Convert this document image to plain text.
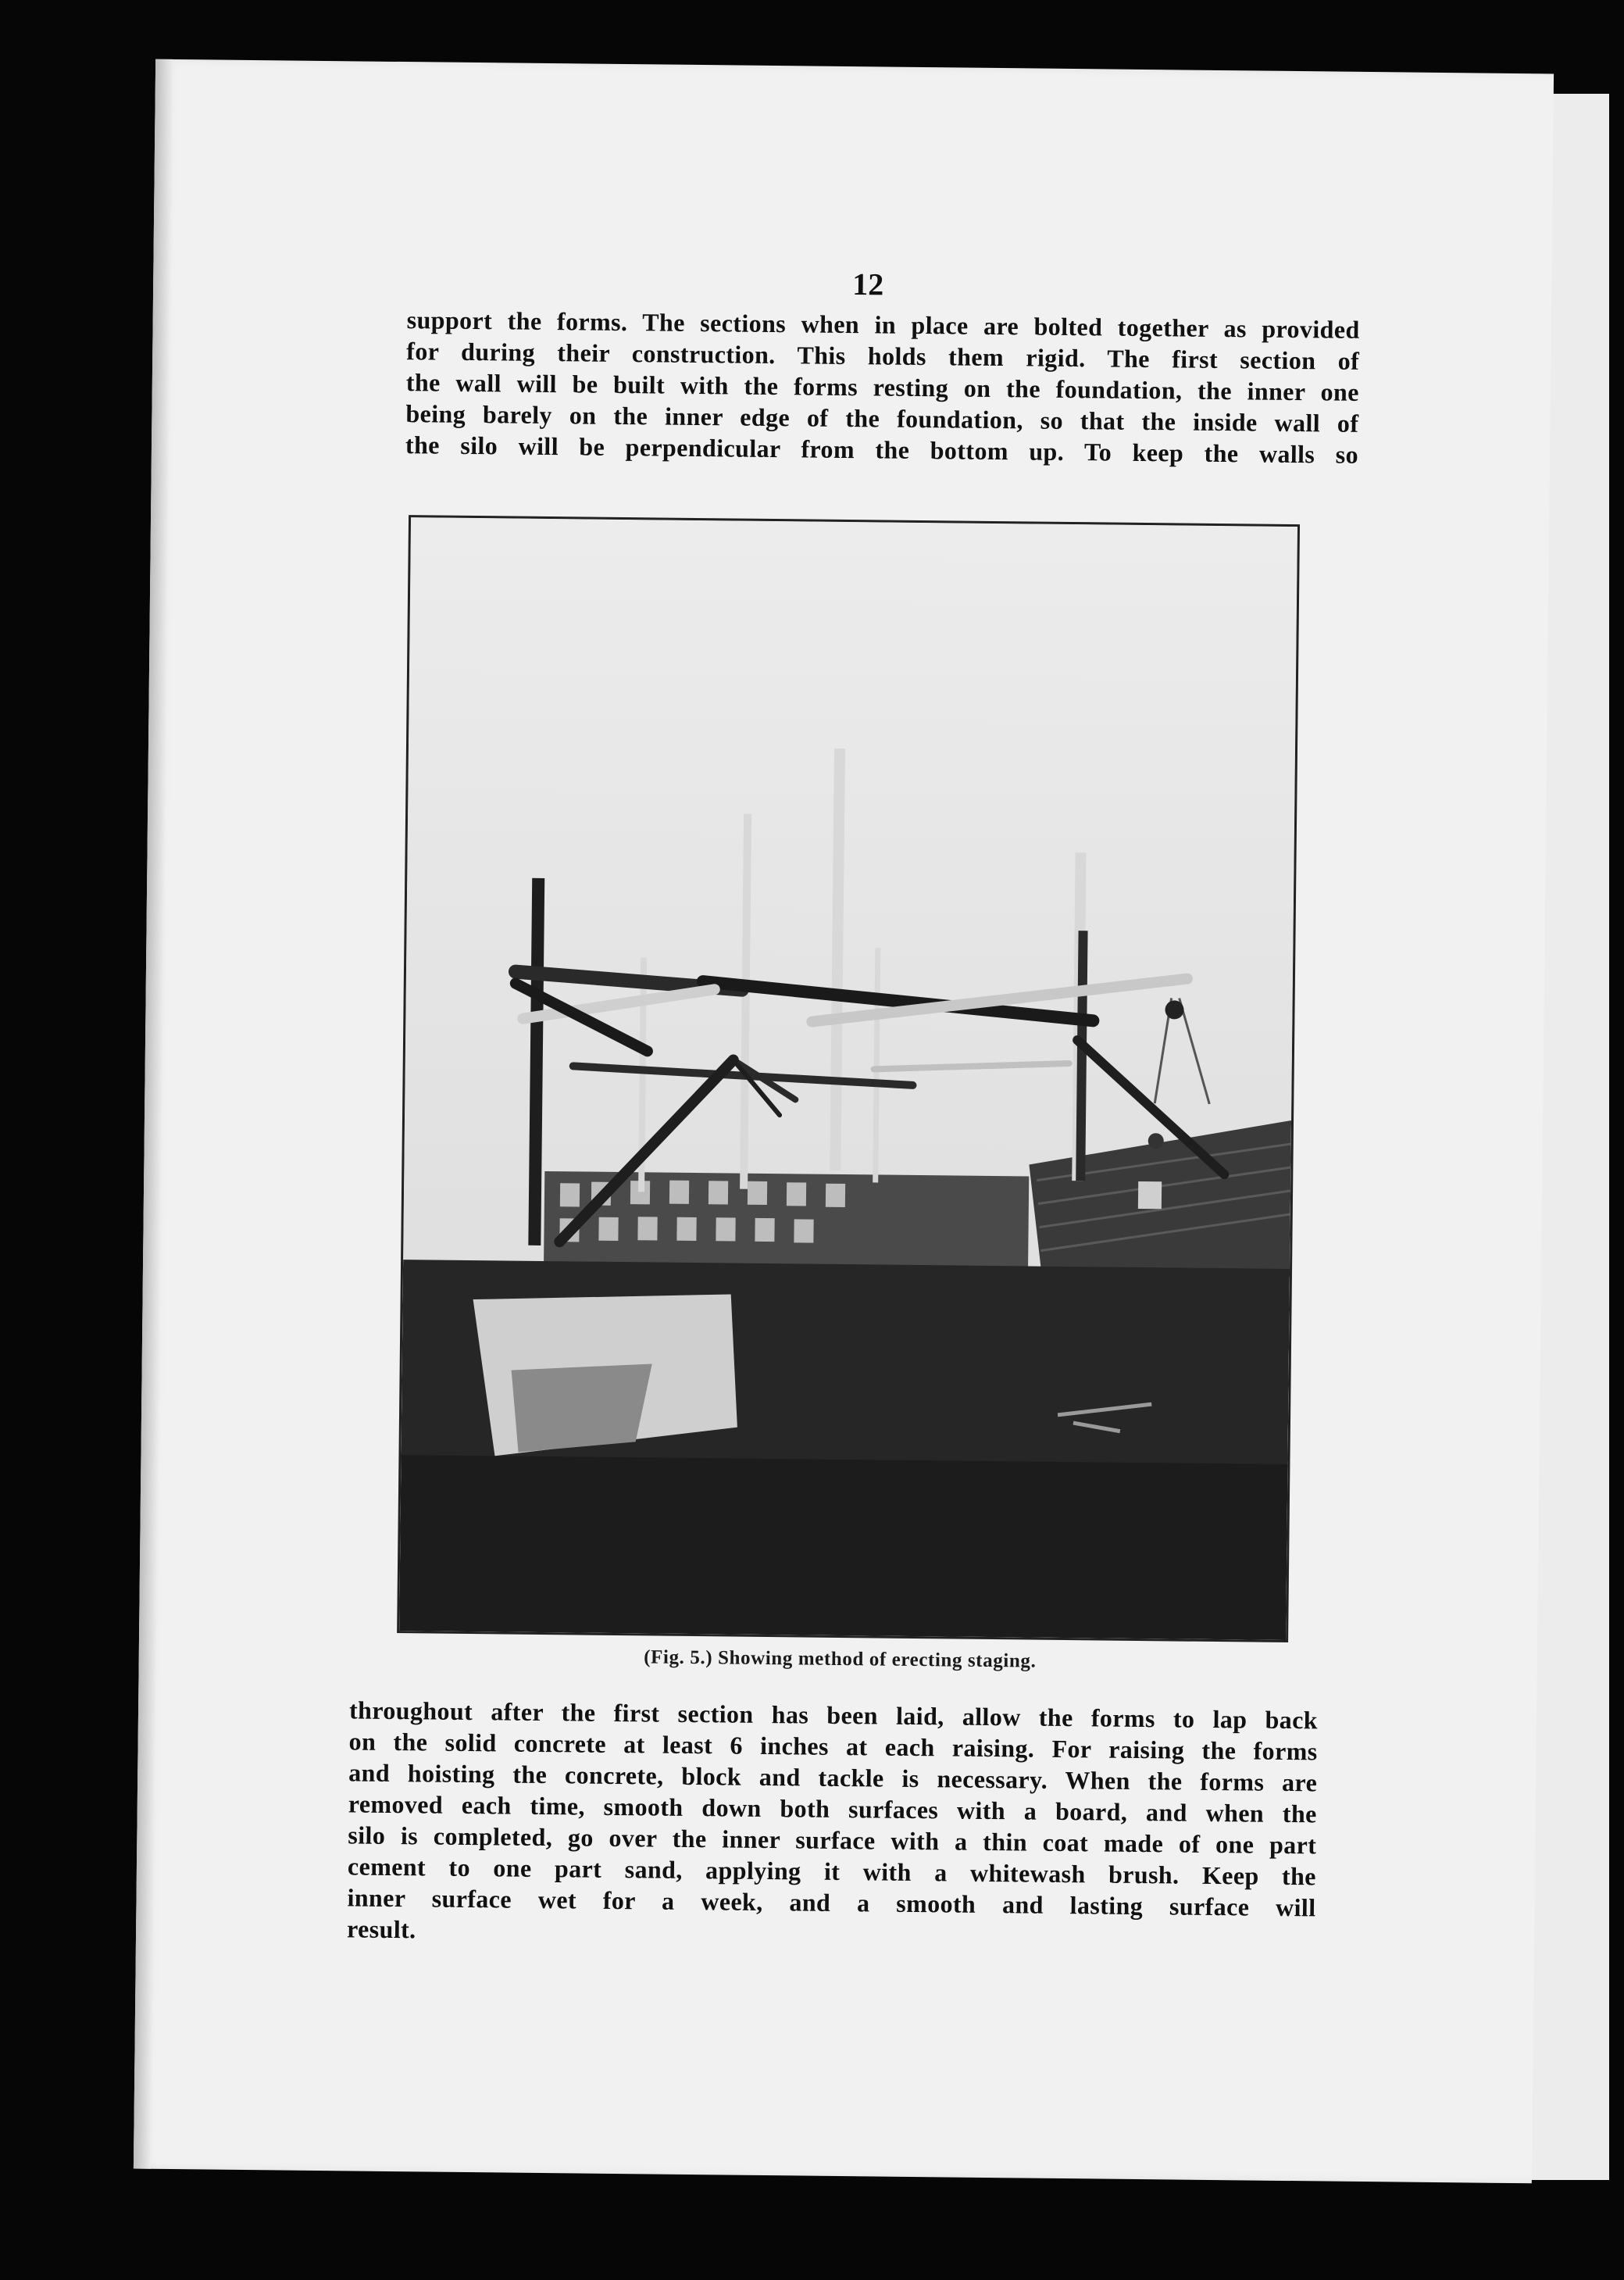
12
support the forms. The sections when in place are bolted together as provided
for during their construction. This holds them rigid. The first section of
the wall will be built with the forms resting on the foundation, the inner one
being barely on the inner edge of the foundation, so that the inside wall of
the silo will be perpendicular from the bottom up. To keep the walls so
(Fig. 5.) Showing method of erecting staging.
throughout after the first section has been laid, allow the forms to lap back
on the solid concrete at least 6 inches at each raising. For raising the forms
and hoisting the concrete, block and tackle is necessary. When the forms are
removed each time, smooth down both surfaces with a board, and when the
silo is completed, go over the inner surface with a thin coat made of one part
cement to one part sand, applying it with a whitewash brush. Keep the
inner surface wet for a week, and a smooth and lasting surface will
result.
